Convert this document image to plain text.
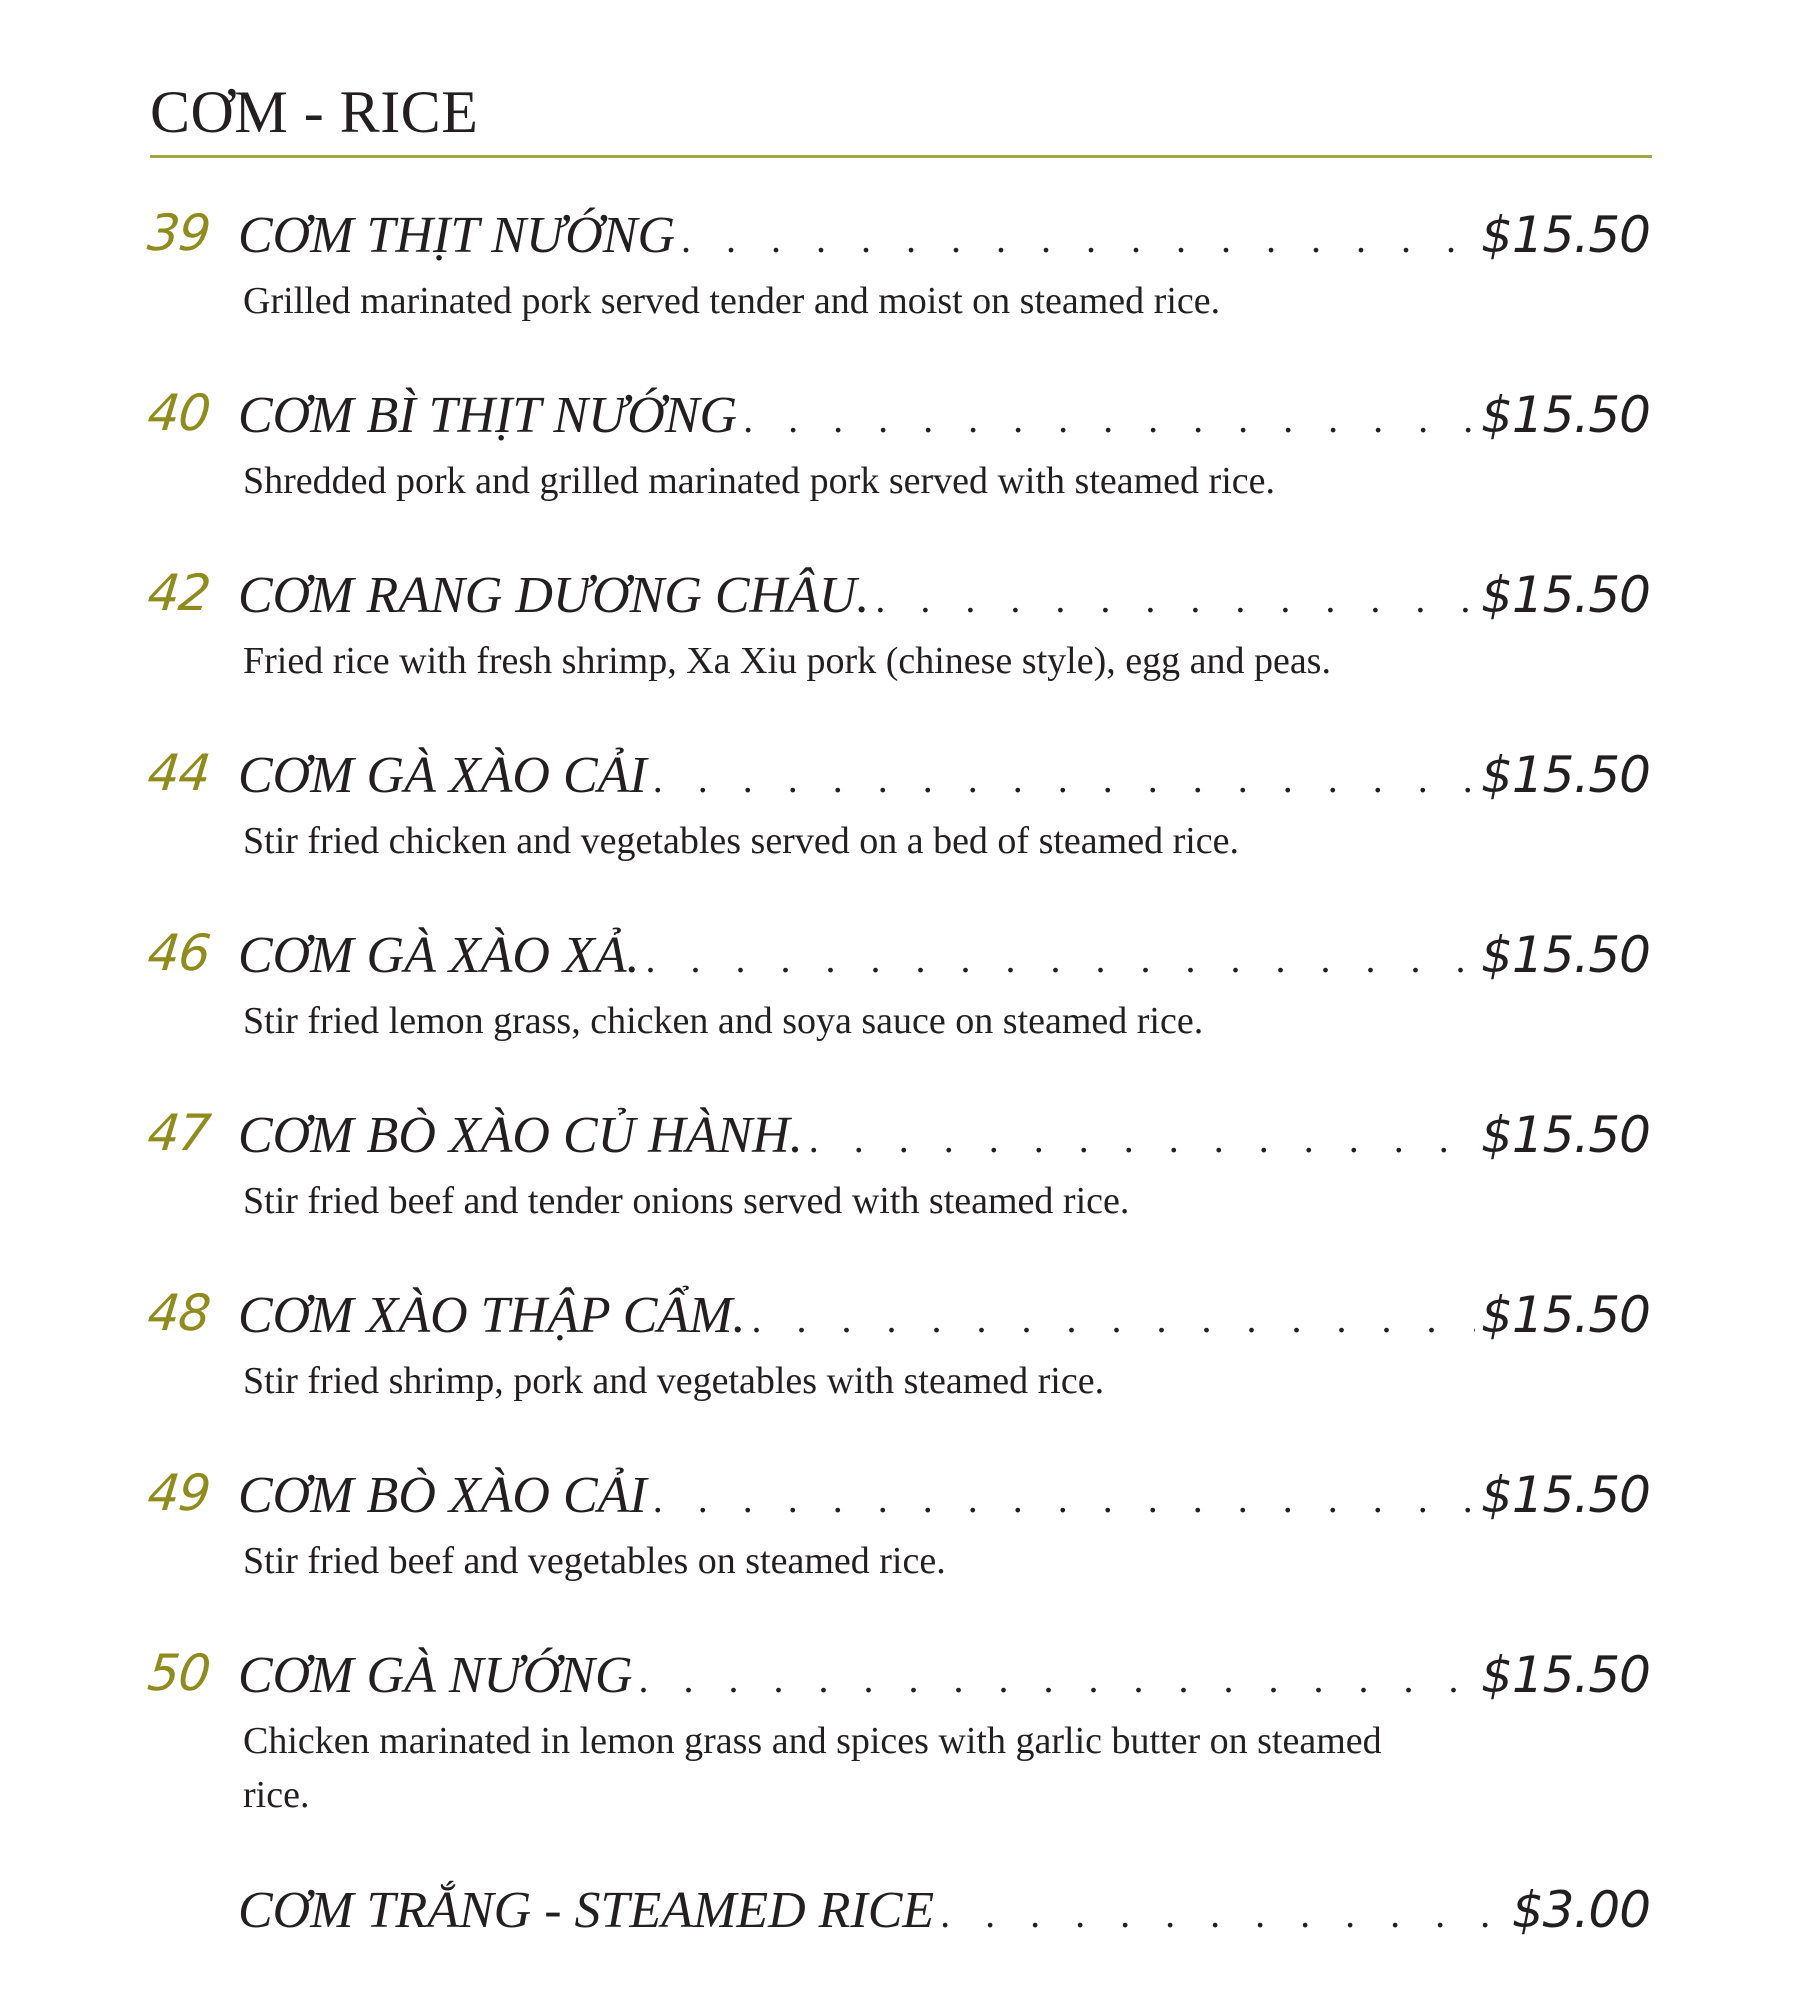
CƠM - RICE
39 CƠM THỊT NƯỚNG . . .	$15.50
Grilled marinated pork served tender and moist on steamed rice.
40 CƠM BÌ THỊT NƯỚNG . . .	$15.50
Shredded pork and grilled marinated pork served with steamed rice.
42 CƠM RANG DƯƠNG CHÂU. . . .	$15.50
Fried rice with fresh shrimp, Xa Xiu pork (chinese style), egg and peas.
44 CƠM GÀ XÀO CẢI . . .	$15.50
Stir fried chicken and vegetables served on a bed of steamed rice.
46 CƠM GÀ XÀO XẢ. . . .	$15.50
Stir fried lemon grass, chicken and soya sauce on steamed rice.
47 CƠM BÒ XÀO CỦ HÀNH. . . .	$15.50
Stir fried beef and tender onions served with steamed rice.
48 CƠM XÀO THẬP CẨM. . . .	$15.50
Stir fried shrimp, pork and vegetables with steamed rice.
49 CƠM BÒ XÀO CẢI . . .	$15.50
Stir fried beef and vegetables on steamed rice.
50 CƠM GÀ NƯỚNG . . .	$15.50
Chicken marinated in lemon grass and spices with garlic butter on steamed rice.
CƠM TRẮNG - STEAMED RICE . . .	$3.00
